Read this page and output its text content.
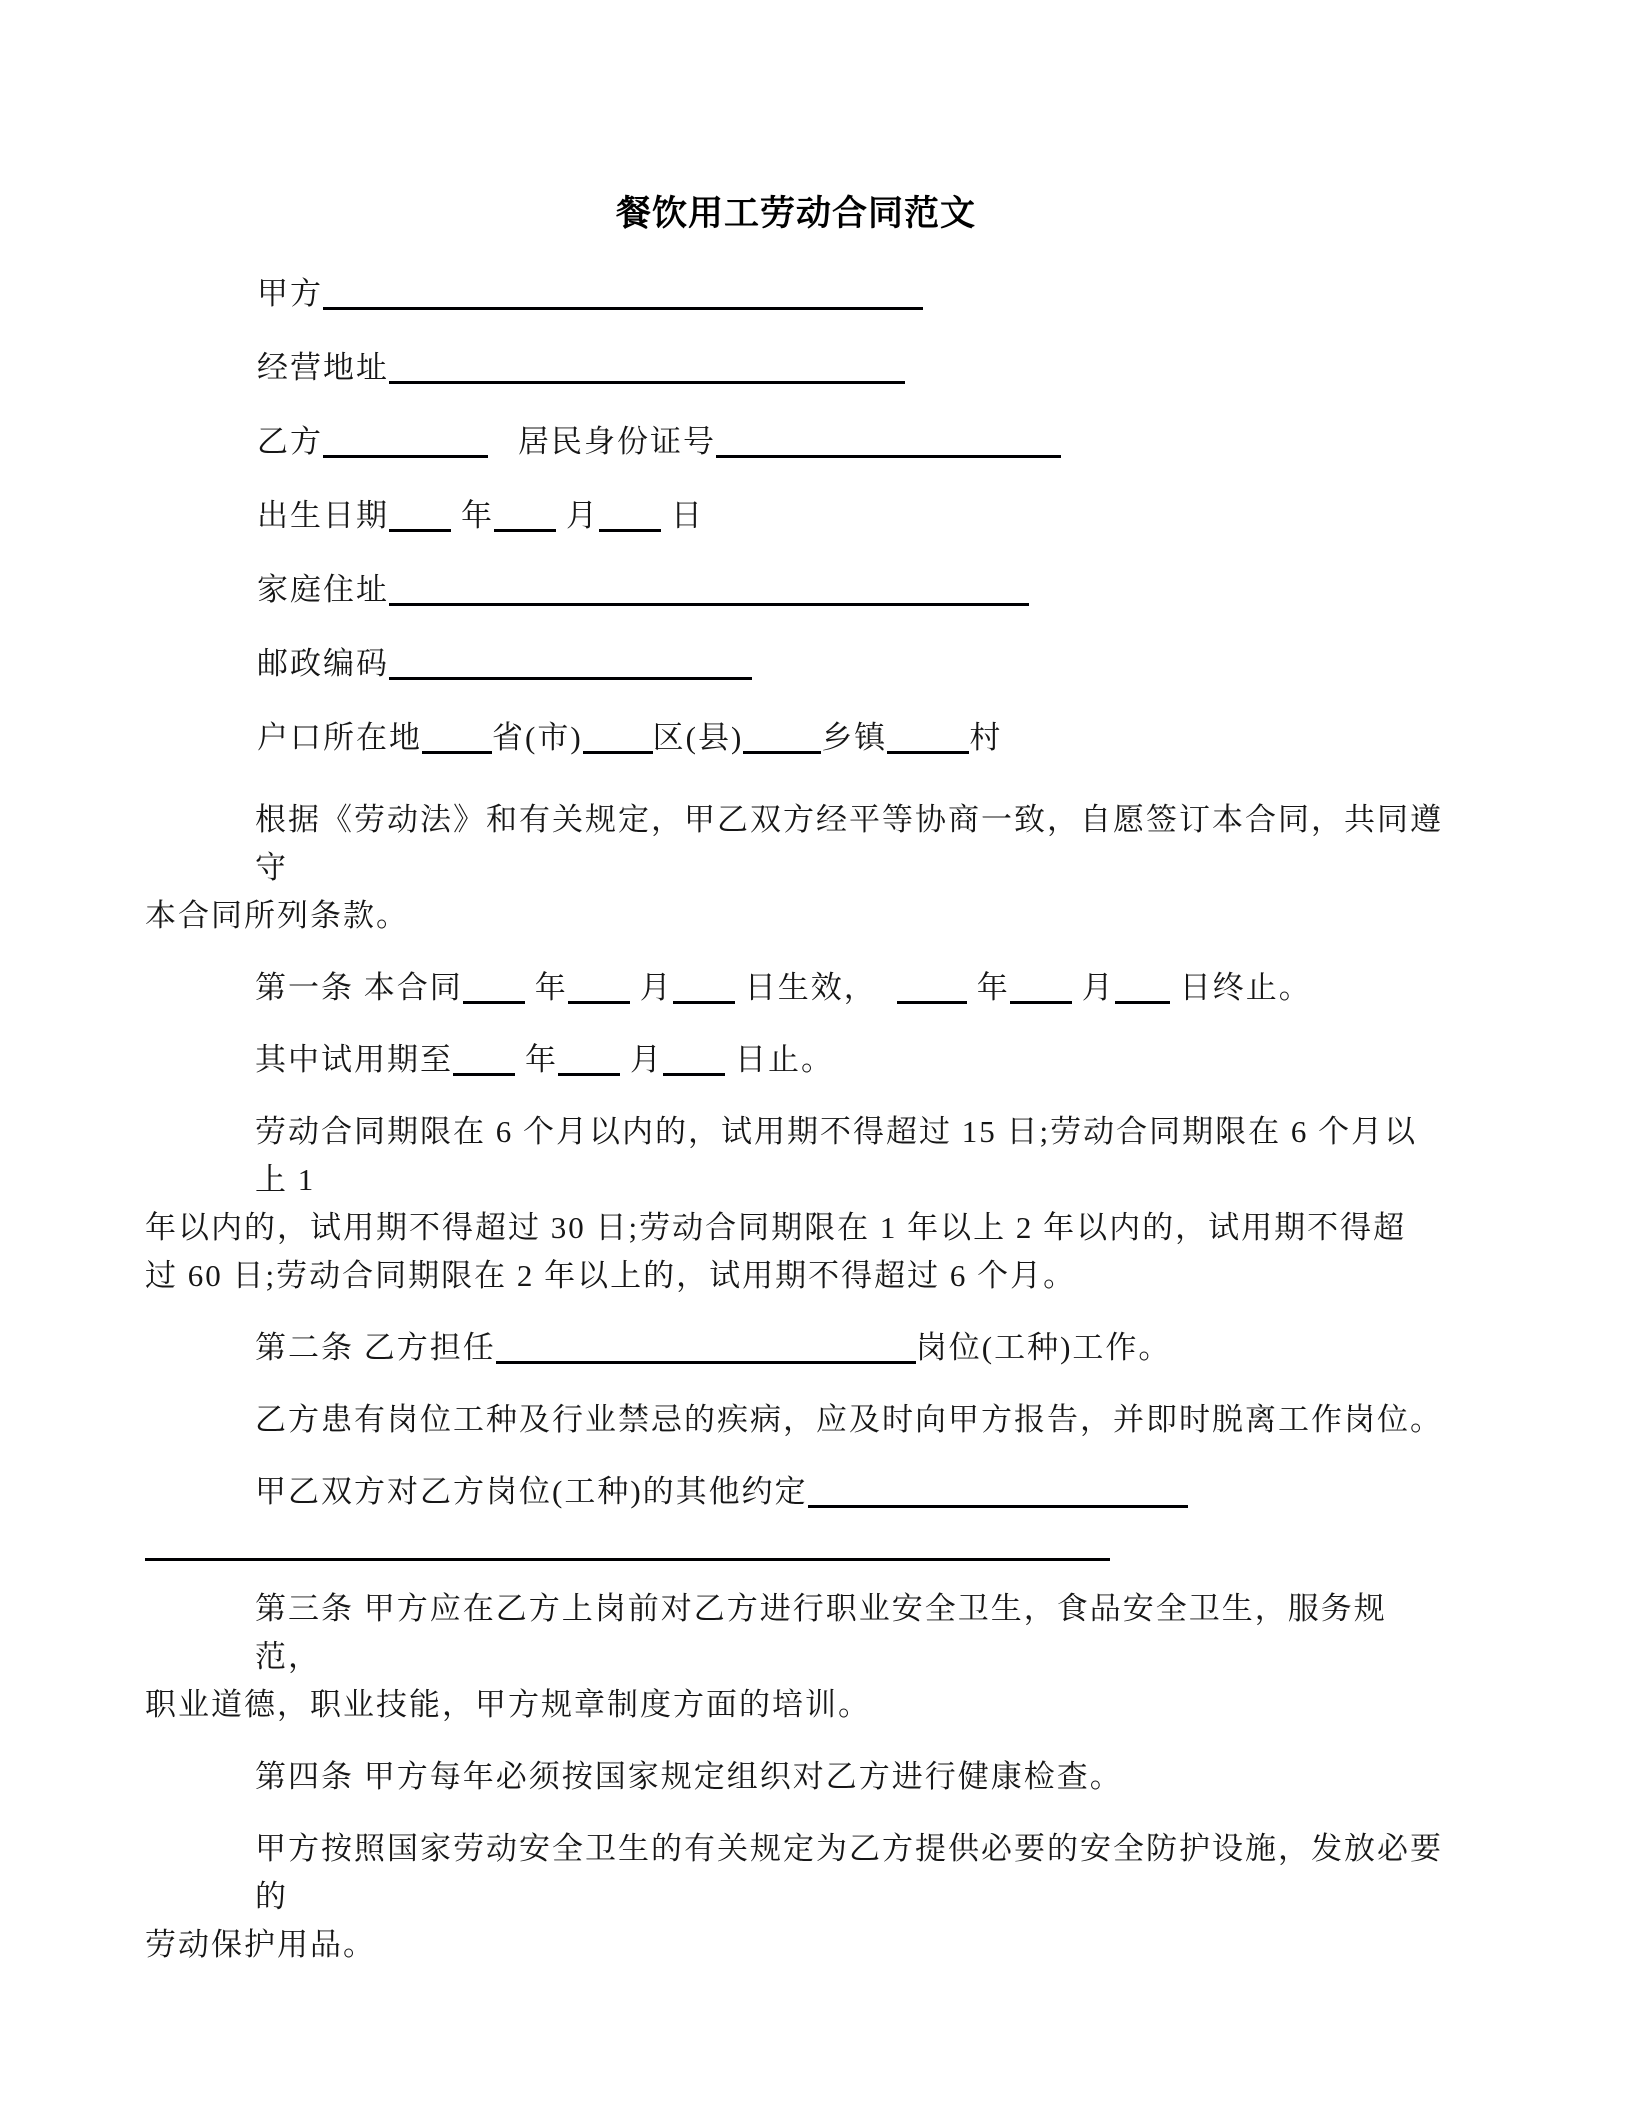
餐饮用工劳动合同范文
甲方
经营地址
乙方	居民身份证号
出生日期 年 月 日
家庭住址
邮政编码
户口所在地 省(市) 区(县)	乡镇	村

根据《劳动法》和有关规定，甲乙双方经平等协商一致，自愿签订本合同，共同遵守
本合同所列条款。

第一条 本合同 年 月 日生效，	年 月 日终止。

其中试用期至 年 月 日止。

劳动合同期限在 6 个月以内的，试用期不得超过 15 日;劳动合同期限在 6 个月以上 1
年以内的，试用期不得超过 30 日;劳动合同期限在 1 年以上 2 年以内的，试用期不得超
过 60 日;劳动合同期限在 2 年以上的，试用期不得超过 6 个月。

第二条 乙方担任	岗位(工种)工作。

乙方患有岗位工种及行业禁忌的疾病，应及时向甲方报告，并即时脱离工作岗位。

甲乙双方对乙方岗位(工种)的其他约定

第三条 甲方应在乙方上岗前对乙方进行职业安全卫生，食品安全卫生，服务规范，
职业道德，职业技能，甲方规章制度方面的培训。

第四条 甲方每年必须按国家规定组织对乙方进行健康检查。

甲方按照国家劳动安全卫生的有关规定为乙方提供必要的安全防护设施，发放必要的
劳动保护用品。
